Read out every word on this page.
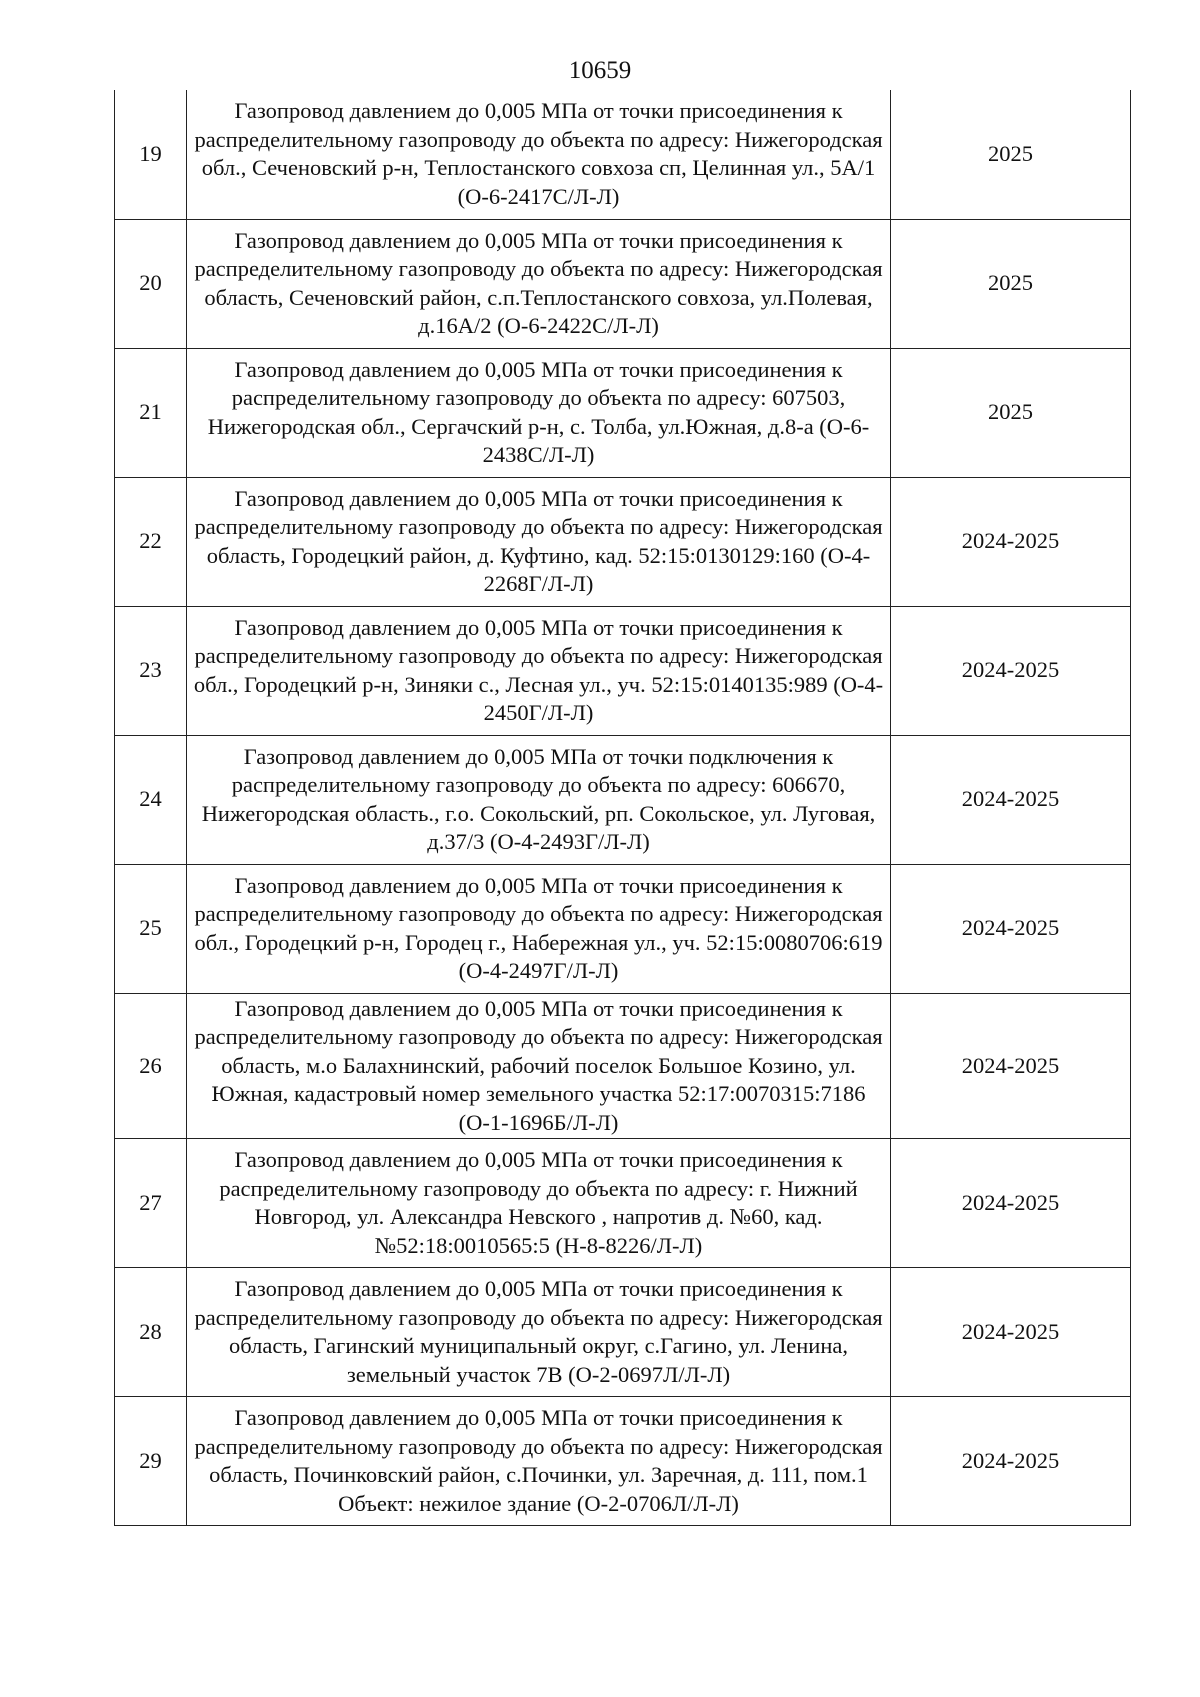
10659
19	Газопровод давлением до 0,005 МПа от точки присоединения к распределительному газопроводу до объекта по адресу: Нижегородская обл., Сеченовский р-н, Теплостанского совхоза сп, Целинная ул., 5А/1 (О-6-2417С/Л-Л)	2025
20	Газопровод давлением до 0,005 МПа от точки присоединения к распределительному газопроводу до объекта по адресу: Нижегородская область, Сеченовский район, с.п.Теплостанского совхоза, ул.Полевая, д.16А/2 (О-6-2422С/Л-Л)	2025
21	Газопровод давлением до 0,005 МПа от точки присоединения к распределительному газопроводу до объекта по адресу: 607503, Нижегородская обл., Сергачский р-н, с. Толба, ул.Южная, д.8-а (О-6-2438С/Л-Л)	2025
22	Газопровод давлением до 0,005 МПа от точки присоединения к распределительному газопроводу до объекта по адресу: Нижегородская область, Городецкий район, д. Куфтино, кад. 52:15:0130129:160 (О-4-2268Г/Л-Л)	2024-2025
23	Газопровод давлением до 0,005 МПа от точки присоединения к распределительному газопроводу до объекта по адресу: Нижегородская обл., Городецкий р-н, Зиняки с., Лесная ул., уч. 52:15:0140135:989 (О-4-2450Г/Л-Л)	2024-2025
24	Газопровод давлением до 0,005 МПа от точки подключения к распределительному газопроводу до объекта по адресу: 606670, Нижегородская область., г.о. Сокольский, рп. Сокольское, ул. Луговая, д.37/3 (О-4-2493Г/Л-Л)	2024-2025
25	Газопровод давлением до 0,005 МПа от точки присоединения к распределительному газопроводу до объекта по адресу: Нижегородская обл., Городецкий р-н, Городец г., Набережная ул., уч. 52:15:0080706:619 (О-4-2497Г/Л-Л)	2024-2025
26	Газопровод давлением до 0,005 МПа от точки присоединения к распределительному газопроводу до объекта по адресу: Нижегородская область, м.о Балахнинский, рабочий поселок Большое Козино, ул. Южная, кадастровый номер земельного участка 52:17:0070315:7186 (О-1-1696Б/Л-Л)	2024-2025
27	Газопровод давлением до 0,005 МПа от точки присоединения к распределительному газопроводу до объекта по адресу: г. Нижний Новгород, ул. Александра Невского , напротив д. №60, кад. №52:18:0010565:5 (Н-8-8226/Л-Л)	2024-2025
28	Газопровод давлением до 0,005 МПа от точки присоединения к распределительному газопроводу до объекта по адресу: Нижегородская область, Гагинский муниципальный округ, с.Гагино, ул. Ленина, земельный участок 7В (О-2-0697Л/Л-Л)	2024-2025
29	Газопровод давлением до 0,005 МПа от точки присоединения к распределительному газопроводу до объекта по адресу: Нижегородская область, Починковский район, с.Починки, ул. Заречная, д. 111, пом.1 Объект: нежилое здание (О-2-0706Л/Л-Л)	2024-2025
